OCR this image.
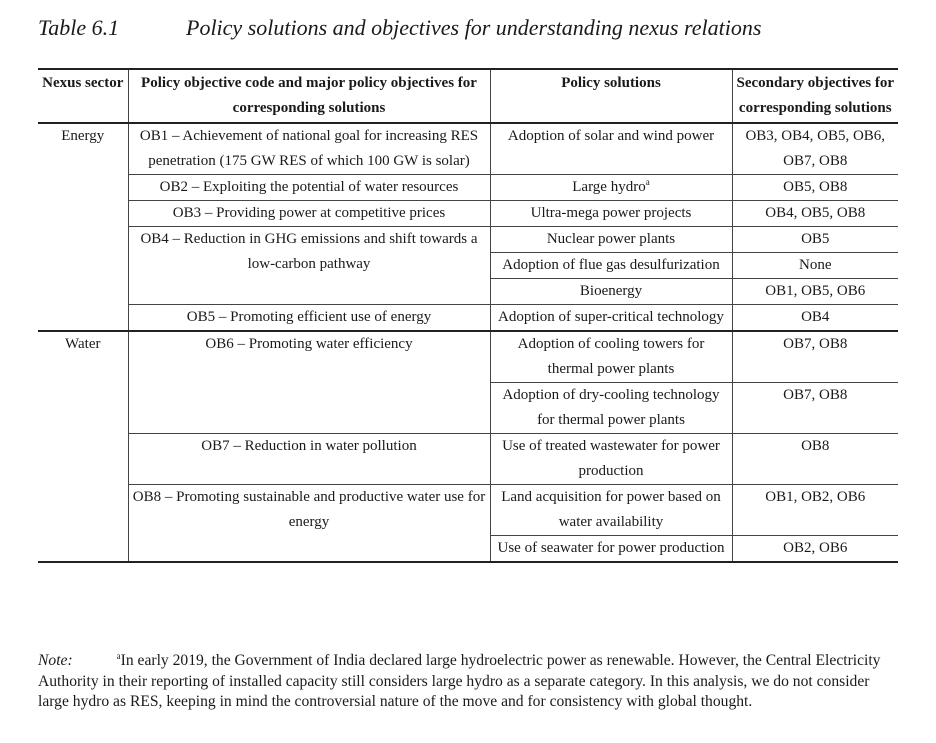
Table 6.1	Policy solutions and objectives for understanding nexus relations
Nexus sector	Policy objective code and major policy objectives for corresponding solutions	Policy solutions	Secondary objectives for corresponding solutions
Energy	OB1 – Achievement of national goal for increasing RES penetration (175 GW RES of which 100 GW is solar)	Adoption of solar and wind power	OB3, OB4, OB5, OB6, OB7, OB8
	OB2 – Exploiting the potential of water resources	Large hydro$^a$	OB5, OB8
	OB3 – Providing power at competitive prices	Ultra-mega power projects	OB4, OB5, OB8
	OB4 – Reduction in GHG emissions and shift towards a low-carbon pathway	Nuclear power plants	OB5
		Adoption of flue gas desulfurization	None
		Bioenergy	OB1, OB5, OB6
	OB5 – Promoting efficient use of energy	Adoption of super-critical technology	OB4
Water	OB6 – Promoting water efficiency	Adoption of cooling towers for thermal power plants	OB7, OB8
		Adoption of dry-cooling technology for thermal power plants	OB7, OB8
	OB7 – Reduction in water pollution	Use of treated wastewater for power production	OB8
	OB8 – Promoting sustainable and productive water use for energy	Land acquisition for power based on water availability	OB1, OB2, OB6
		Use of seawater for power production	OB2, OB6
Note:	$^a$In early 2019, the Government of India declared large hydroelectric power as renewable. However, the Central Electricity Authority in their reporting of installed capacity still considers large hydro as a separate category. In this analysis, we do not consider large hydro as RES, keeping in mind the controversial nature of the move and for consistency with global thought.
